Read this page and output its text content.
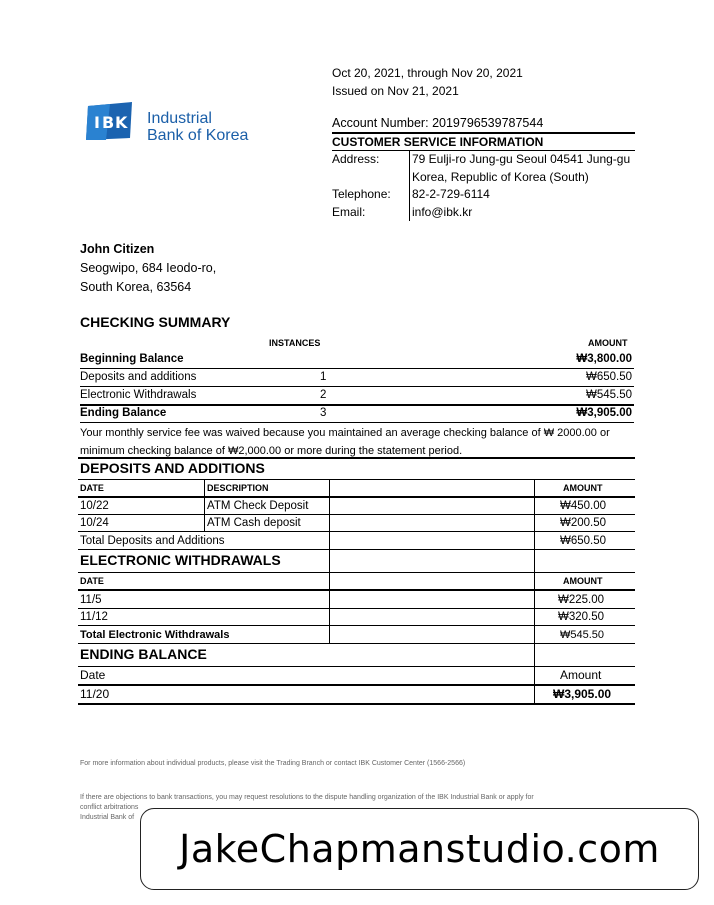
I B K Industrial
Bank of Korea
Oct 20, 2021, through Nov 20, 2021
Issued on Nov 21, 2021
Account Number: 2019796539787544
CUSTOMER SERVICE INFORMATION
Address:	79 Eulji-ro Jung-gu Seoul 04541 Jung-gu
Korea, Republic of Korea (South)
Telephone:	82-2-729-6114
Email:	info@ibk.kr
John Citizen
Seogwipo, 684 Ieodo-ro,
South Korea, 63564
CHECKING SUMMARY
INSTANCES	AMOUNT
Beginning Balance	₩3,800.00
Deposits and additions	1	₩650.50
Electronic Withdrawals	2	₩545.50
Ending Balance	3	₩3,905.00
Your monthly service fee was waived because you maintained an average checking balance of ₩ 2000.00 or
minimum checking balance of ₩2,000.00 or more during the statement period.
DEPOSITS AND ADDITIONS
DATE	DESCRIPTION	AMOUNT
10/22	ATM Check Deposit	₩450.00
10/24	ATM Cash deposit	₩200.50
Total Deposits and Additions	₩650.50
ELECTRONIC WITHDRAWALS
DATE	AMOUNT
11/5	₩225.00
11/12	₩320.50
Total Electronic Withdrawals	₩545.50
ENDING BALANCE
Date	Amount
11/20	₩3,905.00
For more information about individual products, please visit the Trading Branch or contact IBK Customer Center (1566-2566)
If there are objections to bank transactions, you may request resolutions to the dispute handling organization of the IBK Industrial Bank or apply for
conflict arbitrations
Industrial Bank of
JakeChapmanstudio.com
